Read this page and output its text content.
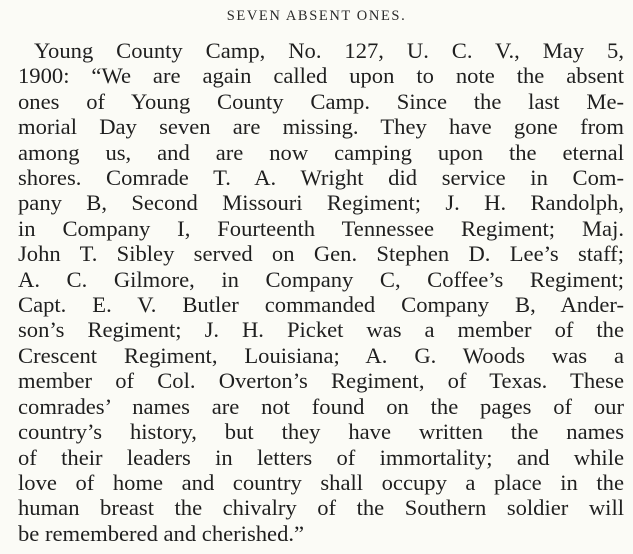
SEVEN ABSENT ONES.
Young County Camp, No. 127, U. C. V., May 5,
1900: “We are again called upon to note the absent
ones of Young County Camp. Since the last Me-
morial Day seven are missing. They have gone from
among us, and are now camping upon the eternal
shores. Comrade T. A. Wright did service in Com-
pany B, Second Missouri Regiment; J. H. Randolph,
in Company I, Fourteenth Tennessee Regiment; Maj.
John T. Sibley served on Gen. Stephen D. Lee’s staff;
A. C. Gilmore, in Company C, Coffee’s Regiment;
Capt. E. V. Butler commanded Company B, Ander-
son’s Regiment; J. H. Picket was a member of the
Crescent Regiment, Louisiana; A. G. Woods was a
member of Col. Overton’s Regiment, of Texas. These
comrades’ names are not found on the pages of our
country’s history, but they have written the names
of their leaders in letters of immortality; and while
love of home and country shall occupy a place in the
human breast the chivalry of the Southern soldier will
be remembered and cherished.”
